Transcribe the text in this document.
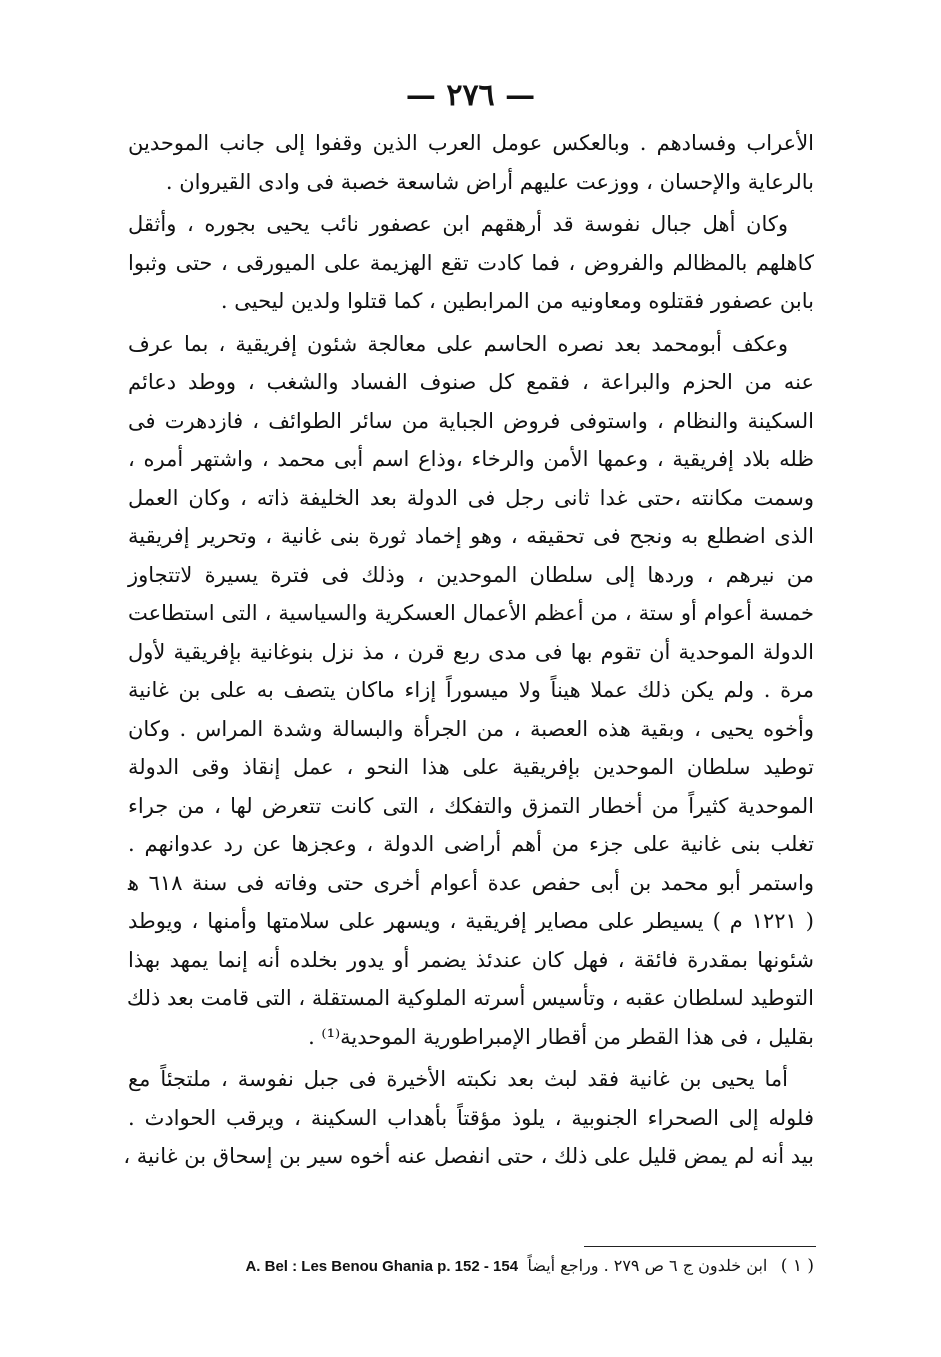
— ٢٧٦ —
الأعراب وفسادهم . وبالعكس عومل العرب الذين وقفوا إلى جانب الموحدين
بالرعاية والإحسان ، ووزعت عليهم أراض شاسعة خصبة فى وادى القيروان .
وكان أهل جبال نفوسة قد أرهقهم ابن عصفور نائب يحيى بجوره ، وأثقل
كاهلهم بالمظالم والفروض ، فما كادت تقع الهزيمة على الميورقى ، حتى وثبوا
بابن عصفور فقتلوه ومعاونيه من المرابطين ، كما قتلوا ولدين ليحيى .
وعكف أبومحمد بعد نصره الحاسم على معالجة شئون إفريقية ، بما عرف
عنه من الحزم والبراعة ، فقمع كل صنوف الفساد والشغب ، ووطد دعائم
السكينة والنظام ، واستوفى فروض الجباية من سائر الطوائف ، فازدهرت فى
ظله بلاد إفريقية ، وعمها الأمن والرخاء ،وذاع اسم أبى محمد ، واشتهر أمره ،
وسمت مكانته ،حتى غدا ثانى رجل فى الدولة بعد الخليفة ذاته ، وكان العمل
الذى اضطلع به ونجح فى تحقيقه ، وهو إخماد ثورة بنى غانية ، وتحرير إفريقية
من نيرهم ، وردها إلى سلطان الموحدين ، وذلك فى فترة يسيرة لاتتجاوز
خمسة أعوام أو ستة ، من أعظم الأعمال العسكرية والسياسية ، التى استطاعت
الدولة الموحدية أن تقوم بها فى مدى ربع قرن ، مذ نزل بنوغانية بإفريقية لأول
مرة . ولم يكن ذلك عملا هيناً ولا ميسوراً إزاء ماكان يتصف به على بن غانية
وأخوه يحيى ، وبقية هذه العصبة ، من الجرأة والبسالة وشدة المراس . وكان
توطيد سلطان الموحدين بإفريقية على هذا النحو ، عمل إنقاذ وقى الدولة
الموحدية كثيراً من أخطار التمزق والتفكك ، التى كانت تتعرض لها ، من جراء
تغلب بنى غانية على جزء من أهم أراضى الدولة ، وعجزها عن رد عدوانهم .
واستمر أبو محمد بن أبى حفص عدة أعوام أخرى حتى وفاته فى سنة ٦١٨ ﻫ
( ١٢٢١ م ) يسيطر على مصاير إفريقية ، ويسهر على سلامتها وأمنها ، ويوطد
شئونها بمقدرة فائقة ، فهل كان عندئذ يضمر أو يدور بخلده أنه إنما يمهد بهذا
التوطيد لسلطان عقبه ، وتأسيس أسرته الملوكية المستقلة ، التى قامت بعد ذلك
بقليل ، فى هذا القطر من أقطار الإمبراطورية الموحدية⁽¹⁾ .
أما يحيى بن غانية فقد لبث بعد نكبته الأخيرة فى جبل نفوسة ، ملتجئاً مع
فلوله إلى الصحراء الجنوبية ، يلوذ مؤقتاً بأهداب السكينة ، ويرقب الحوادث .
بيد أنه لم يمض قليل على ذلك ، حتى انفصل عنه أخوه سير بن إسحاق بن غانية ،
( ١ ) ابن خلدون ج ٦ ص ٢٧٩ . وراجع أيضاً A. Bel : Les Benou Ghania p. 152 - 154
